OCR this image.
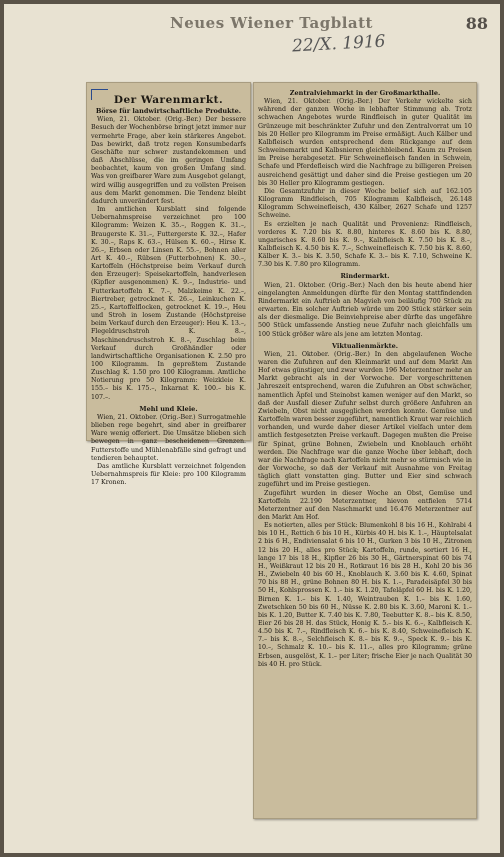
Neues Wiener Tagblatt	88
22/X. 1916
Der Warenmarkt.
Börse für landwirtschaftliche Produkte.

Wien, 21. Oktober. (Orig.-Ber.) Der bessere Besuch der Wochenbörse bringt jetzt immer nur vermehrte Frage, aber kein stärkeres Angebot. Das bewirkt, daß trotz regen Konsumbedarfs Geschäfte nur schwer zustandekommen und daß Abschlüsse, die im geringen Umfang beobachtet, kaum von großen Umfang sind. Was von greifbarer Ware zum Ausgebot gelangt, wird willig ausgegriffen und zu vollsten Preisen aus dem Markt genommen. Die Tendenz bleibt dadurch unverändert fest.

Im amtlichen Kursblatt sind folgende Uebernahmspreise verzeichnet pro 100 Kilogramm: Weizen K. 35.–, Roggen K. 31.–, Braugerste K. 31.–, Futtergerste K. 32.–, Hafer K. 30.–, Raps K. 63.–, Hülsen K. 60.–, Hirse K. 26.–, Erbsen oder Linsen K. 55.–, Bohnen aller Art K. 40.–, Rübsen (Futterbohnen) K. 30.–, Kartoffeln (Höchstpreise beim Verkauf durch den Erzeuger): Speisekartoffeln, handverlesen (Kipfler ausgenommen) K. 9.–, Industrie- und Futterkartoffeln K. 7.–, Malzkeime K. 22.–, Biertreber, getrocknet K. 26.–, Leinkuchen K. 25.–, Kartoffelflocken, getrocknet K. 19.–, Heu und Stroh in losem Zustande (Höchstpreise beim Verkauf durch den Erzeuger): Heu K. 13.–, Flegeldruschstroh K. 8.–, Maschinendruschstroh K. 8.–, Zuschlag beim Verkauf durch Großhändler oder landwirtschaftliche Organisationen K. 2.50 pro 100 Kilogramm. In gepreßtem Zustande Zuschlag K. 1.50 pro 100 Kilogramm. Amtliche Notierung pro 50 Kilogramm: Weizkleie K. 155.– bis K. 175.–, Inkarnat K. 100.– bis K. 107.–.

Mehl und Kleie.

Wien, 21. Oktober. (Orig.-Ber.) Surrogatmehle blieben rege begehrt, sind aber in greifbarer Ware wenig offeriert. Die Umsätze blieben sich bewegen in ganz bescheidenen Grenzen. Futterstoffe und Mühlenabfälle sind gefragt und tendieren behauptet.

Das amtliche Kursblatt verzeichnet folgenden Uebernahmspreis für Kleie: pro 100 Kilogramm 17 Kronen.

Zentralviehmarkt in der Großmarkthalle.

Wien, 21. Oktober. (Orig.-Ber.) Der Verkehr wickelte sich während der ganzen Woche in lebhafter Stimmung ab. Trotz schwachen Angebotes wurde Rindfleisch in guter Qualität im Grünzeuge mit beschränkter Zufuhr und den Zentralvorrat um 10 bis 20 Heller pro Kilogramm im Preise ermäßigt. Auch Kälber und Kalbfleisch wurden entsprechend dem Rückgange auf dem Schweinemarkt und Kalbsnieren gleichbleibend. Kaum zu Preisen im Preise herabgesetzt. Für Schweinefleisch fanden in Schwein, Schafe und Pferdefleisch wird die Nachfrage zu billigeren Preisen ausreichend gesättigt und daher sind die Preise gestiegen um 20 bis 30 Heller pro Kilogramm gestiegen.

Die Gesamtzufuhr in dieser Woche belief sich auf 162.105 Kilogramm Rindfleisch, 705 Kilogramm Kalbfleisch, 26.148 Kilogramm Schweinefleisch, 430 Kälber, 2627 Schafe und 1257 Schweine.

Es erzielten je nach Qualität und Provenienz: Rindfleisch, vorderes K. 7.20 bis K. 8.80, hinteres K. 8.60 bis K. 8.80, ungarisches K. 8.60 bis K. 9.–, Kalbfleisch K. 7.50 bis K. 8.–, Kalbfleisch K. 4.50 bis K. 7.–, Schweinefleisch K. 7.50 bis K. 8.60, Kälber K. 3.– bis K. 3.50, Schafe K. 3.– bis K. 7.10, Schweine K. 7.30 bis K. 7.80 pro Kilogramm.

Rindermarkt.

Wien, 21. Oktober. (Orig.-Ber.) Nach den bis heute abend hier eingelangten Anmeldungen dürfte für den Montag stattfindenden Rindermarkt ein Auftrieb an Magvieh von beiläufig 700 Stück zu erwarten. Ein solcher Auftrieb würde um 200 Stück stärker sein als der diesmalige. Die Beinviehpreise aber dürfte das ungefähre 500 Stück umfassende Anstieg neue Zufuhr nach gleichfalls um 100 Stück größer wäre als jene am letzten Montag.

Viktualienmärkte.

Wien, 21. Oktober. (Orig.-Ber.) In den abgelaufenen Woche waren die Zufuhren auf den Kleinmarkt und auf dem Markt Am Hof etwas günstiger, und zwar wurden 196 Meterzentner mehr an Markt gebracht als in der Vorwoche. Der vorgeschrittenen Jahreszeit entsprechend, waren die Zufuhren an Obst schwächer, namentlich Äpfel und Steinobst kamen weniger auf den Markt, so daß der Ausfall dieser Zufuhr selbst durch größere Anfuhren an Zwiebeln, Obst nicht ausgeglichen werden konnte. Gemüse und Kartoffeln waren besser zugeführt, namentlich Kraut war reichlich vorhanden, und wurde daher dieser Artikel vielfach unter dem amtlich festgesetzten Preise verkauft. Dagegen mußten die Preise für Spinat, grüne Bohnen, Zwiebeln und Knoblauch erhöht werden. Die Nachfrage war die ganze Woche über lebhaft, doch war die Nachfrage nach Kartoffeln nicht mehr so stürmisch wie in der Vorwoche, so daß der Verkauf mit Ausnahme von Freitag täglich glatt vonstatten ging. Butter und Eier sind schwach zugeführt und im Preise gestiegen.

Zugeführt wurden in dieser Woche an Obst, Gemüse und Kartoffeln 22.190 Meterzentner, hievon entfielen 5714 Meterzentner auf den Naschmarkt und 16.476 Meterzentner auf den Markt Am Hof.

Es notierten, alles per Stück: Blumenkohl 8 bis 16 H., Kohlrabi 4 bis 10 H., Rettich 6 bis 10 H., Kürbis 40 H. bis K. 1.–, Häuptelsalat 2 bis 6 H., Endiviensalat 6 bis 10 H., Gurken 3 bis 10 H., Zitronen 12 bis 20 H., alles pro Stück; Kartoffeln, runde, sortiert 16 H., lange 17 bis 18 H., Kipfler 26 bis 30 H., Gärtnerspinat 60 bis 74 H., Weißkraut 12 bis 20 H., Rotkraut 16 bis 28 H., Kohl 20 bis 36 H., Zwiebeln 40 bis 60 H., Knoblauch K. 3.60 bis K. 4.60, Spinat 70 bis 88 H., grüne Bohnen 80 H. bis K. 1.–, Paradeisäpfel 30 bis 50 H., Kohlsprossen K. 1.– bis K. 1.20, Tafeläpfel 60 H. bis K. 1.20, Birnen K. 1.– bis K. 1.40, Weintrauben K. 1.– bis K. 1.60, Zwetschken 50 bis 60 H., Nüsse K. 2.80 bis K. 3.60, Maroni K. 1.– bis K. 1.20, Butter K. 7.40 bis K. 7.80, Teebutter K. 8.– bis K. 8.50, Eier 26 bis 28 H. das Stück, Honig K. 5.– bis K. 6.–, Kalbfleisch K. 4.50 bis K. 7.–, Rindfleisch K. 6.– bis K. 8.40, Schweinefleisch K. 7.– bis K. 8.–, Selchfleisch K. 8.– bis K. 9.–, Speck K. 9.– bis K. 10.–, Schmalz K. 10.– bis K. 11.–, alles pro Kilogramm; grüne Erbsen, ausgelöst, K. 1.– per Liter; frische Eier je nach Qualität 30 bis 40 H. pro Stück.
